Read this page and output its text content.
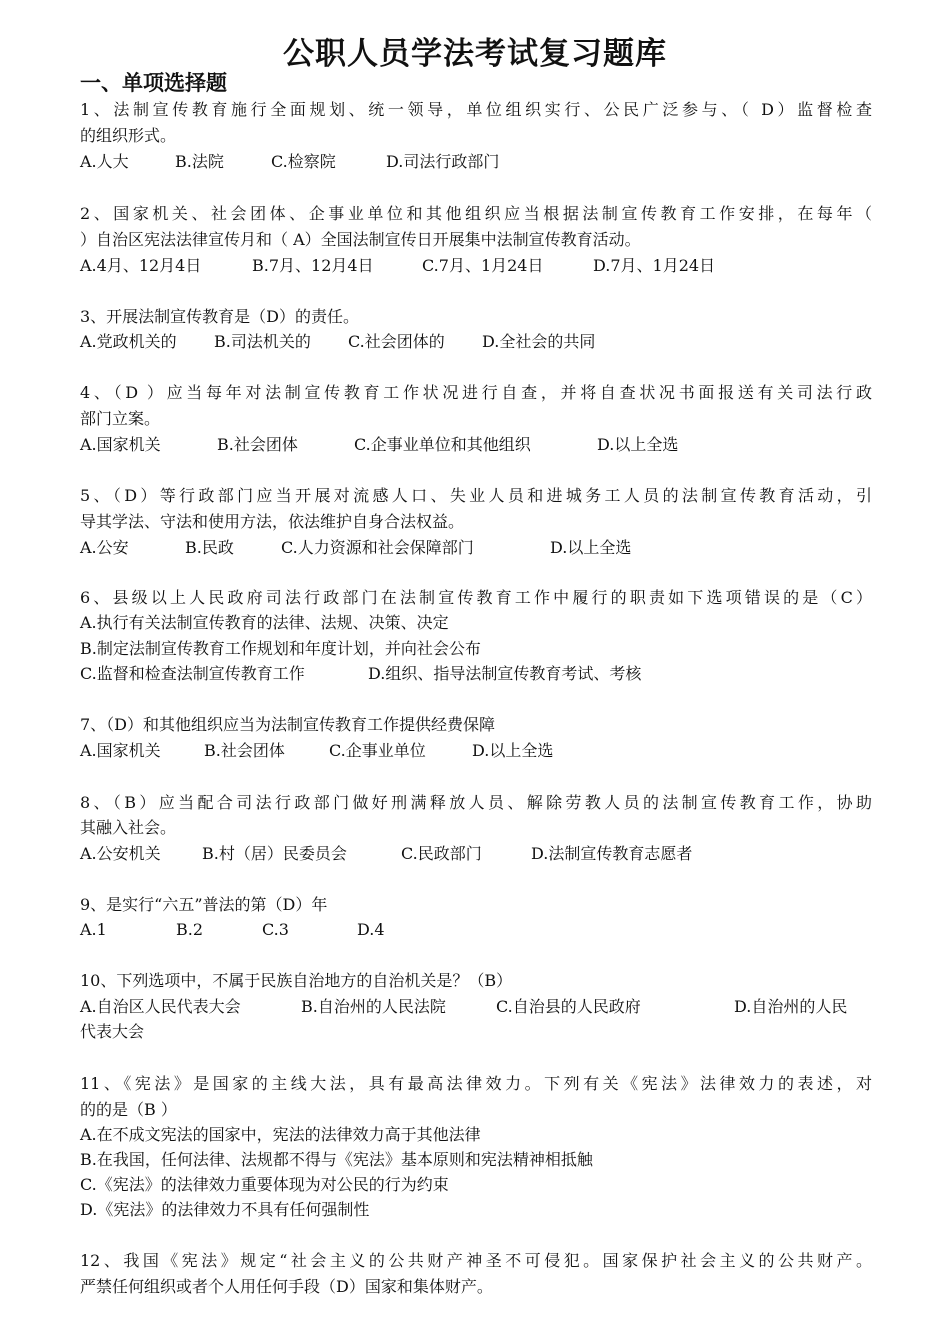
公职人员学法考试复习题库
一、单项选择题
1、法制宣传教育施行全面规划、统一领导，单位组织实行、公民广泛参与、（ D）监督检查
的组织形式。
A.人大	B.法院	C.检察院	D.司法行政部门
2、国家机关、社会团体、企事业单位和其他组织应当根据法制宣传教育工作安排，在每年（
）自治区宪法法律宣传月和（ A）全国法制宣传日开展集中法制宣传教育活动。
A.4月、12月4日	B.7月、12月4日	C.7月、1月24日	D.7月、1月24日
3、开展法制宣传教育是（D）的责任。
A.党政机关的	B.司法机关的	C.社会团体的	D.全社会的共同
4、（D ）应当每年对法制宣传教育工作状况进行自查，并将自查状况书面报送有关司法行政
部门立案。
A.国家机关	B.社会团体	C.企事业单位和其他组织	D.以上全选
5、（D）等行政部门应当开展对流感人口、失业人员和进城务工人员的法制宣传教育活动，引
导其学法、守法和使用方法，依法维护自身合法权益。
A.公安	B.民政	C.人力资源和社会保障部门	D.以上全选
6、县级以上人民政府司法行政部门在法制宣传教育工作中履行的职责如下选项错误的是（C）
A.执行有关法制宣传教育的法律、法规、决策、决定
B.制定法制宣传教育工作规划和年度计划，并向社会公布
C.监督和检查法制宣传教育工作	D.组织、指导法制宣传教育考试、考核
7、（D）和其他组织应当为法制宣传教育工作提供经费保障
A.国家机关	B.社会团体	C.企事业单位	D.以上全选
8、（B）应当配合司法行政部门做好刑满释放人员、解除劳教人员的法制宣传教育工作，协助
其融入社会。
A.公安机关	B.村（居）民委员会	C.民政部门	D.法制宣传教育志愿者
9、是实行“六五”普法的第（D）年
A.1	B.2	C.3	D.4
10、下列选项中，不属于民族自治地方的自治机关是？（B）
A.自治区人民代表大会	B.自治州的人民法院	C.自治县的人民政府	D.自治州的人民
代表大会
11、《宪法》是国家的主线大法，具有最高法律效力。下列有关《宪法》法律效力的表述，对
的的是（B ）
A.在不成文宪法的国家中，宪法的法律效力高于其他法律
B.在我国，任何法律、法规都不得与《宪法》基本原则和宪法精神相抵触
C.《宪法》的法律效力重要体现为对公民的行为约束
D.《宪法》的法律效力不具有任何强制性
12、我国《宪法》规定“社会主义的公共财产神圣不可侵犯。国家保护社会主义的公共财产。
严禁任何组织或者个人用任何手段（D）国家和集体财产。
